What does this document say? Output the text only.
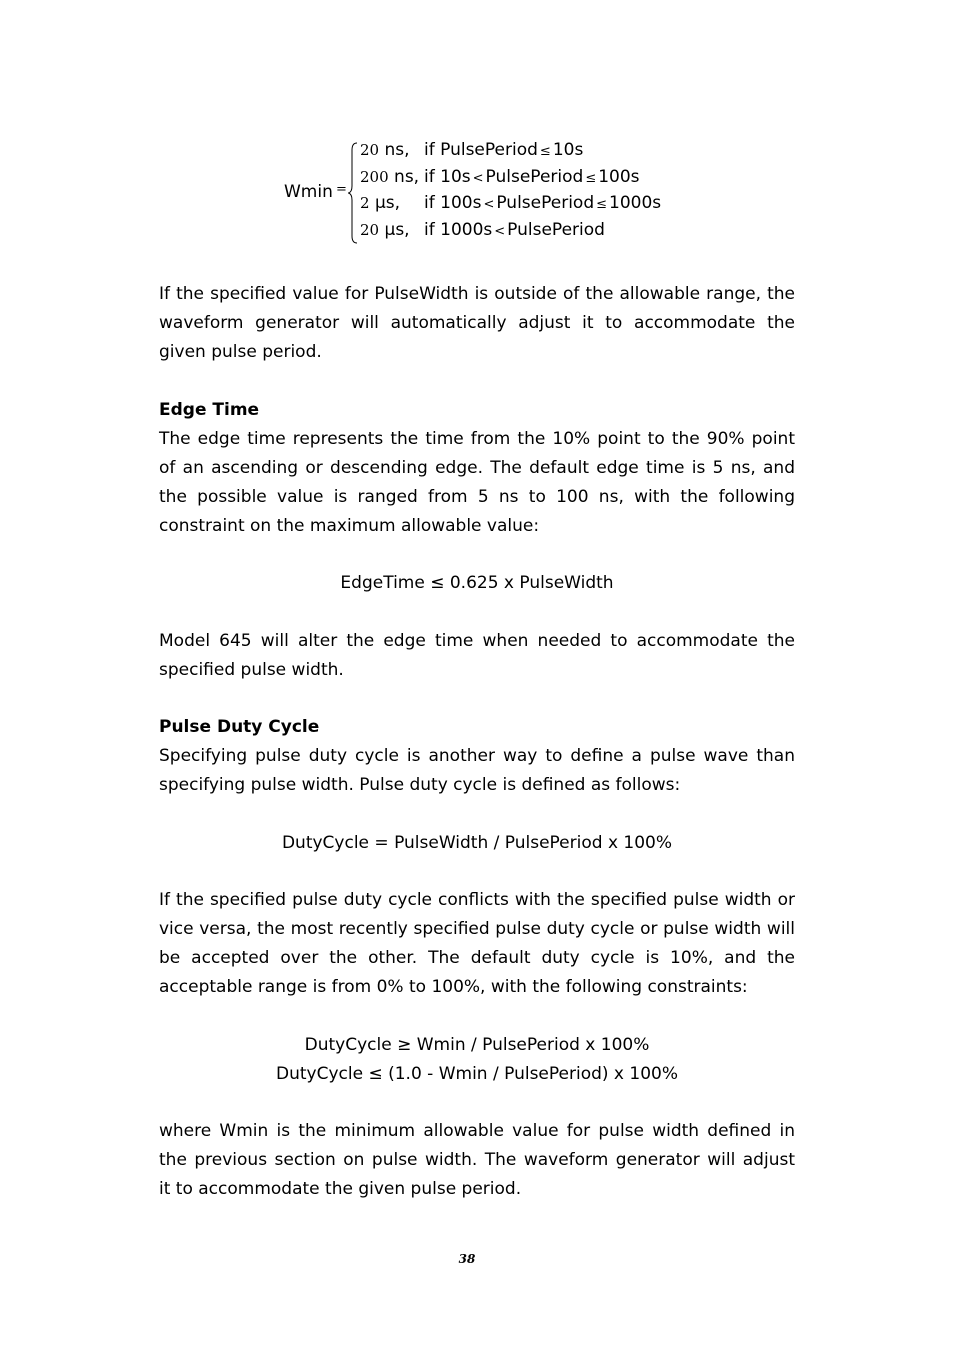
Wmin =
20 ns, if PulsePeriod ≤ 10s
200 ns, if 10s < PulsePeriod ≤ 100s
2 µs, if 100s < PulsePeriod ≤ 1000s
20 µs, if 1000s < PulsePeriod
If the specified value for PulseWidth is outside of the allowable range, the
waveform generator will automatically adjust it to accommodate the
given pulse period.
Edge Time
The edge time represents the time from the 10% point to the 90% point
of an ascending or descending edge. The default edge time is 5 ns, and
the possible value is ranged from 5 ns to 100 ns, with the following
constraint on the maximum allowable value:

EdgeTime ≤ 0.625 x PulseWidth

Model 645 will alter the edge time when needed to accommodate the
specified pulse width.
Pulse Duty Cycle
Specifying pulse duty cycle is another way to define a pulse wave than
specifying pulse width. Pulse duty cycle is defined as follows:

DutyCycle = PulseWidth / PulsePeriod x 100%

If the specified pulse duty cycle conflicts with the specified pulse width or
vice versa, the most recently specified pulse duty cycle or pulse width will
be accepted over the other. The default duty cycle is 10%, and the
acceptable range is from 0% to 100%, with the following constraints:

DutyCycle ≥ Wmin / PulsePeriod x 100%

DutyCycle ≤ (1.0 - Wmin / PulsePeriod) x 100%

where Wmin is the minimum allowable value for pulse width defined in
the previous section on pulse width. The waveform generator will adjust
it to accommodate the given pulse period.
38
